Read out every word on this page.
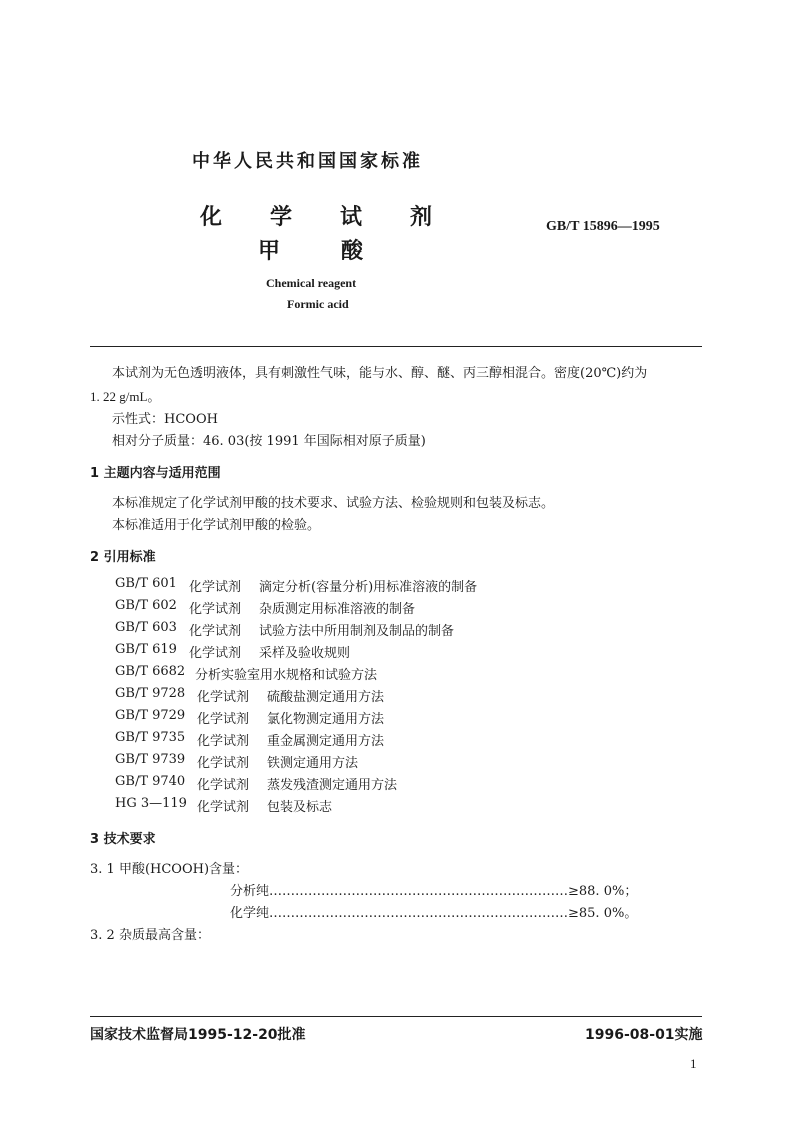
中华人民共和国国家标准
化 学 试 剂
甲	酸
GB/T 15896—1995
Chemical reagent
Formic acid
本试剂为无色透明液体，具有刺激性气味，能与水、醇、醚、丙三醇相混合。密度(20℃)约为
1. 22 g/mL。
示性式：HCOOH
相对分子质量：46. 03(按 1991 年国际相对原子质量)
1 主题内容与适用范围
本标准规定了化学试剂甲酸的技术要求、试验方法、检验规则和包装及标志。
本标准适用于化学试剂甲酸的检验。
2 引用标准
GB/T 601 化学试剂 滴定分析(容量分析)用标准溶液的制备
GB/T 602 化学试剂 杂质测定用标准溶液的制备
GB/T 603 化学试剂 试验方法中所用制剂及制品的制备
GB/T 619 化学试剂 采样及验收规则
GB/T 6682 分析实验室用水规格和试验方法
GB/T 9728 化学试剂 硫酸盐测定通用方法
GB/T 9729 化学试剂 氯化物测定通用方法
GB/T 9735 化学试剂 重金属测定通用方法
GB/T 9739 化学试剂 铁测定通用方法
GB/T 9740 化学试剂 蒸发残渣测定通用方法
HG 3—119 化学试剂 包装及标志
3 技术要求
3. 1 甲酸(HCOOH)含量：
分析纯……………………………………………………………≥88. 0%；
化学纯……………………………………………………………≥85. 0%。
3. 2 杂质最高含量：
国家技术监督局1995-12-20批准	1996-08-01实施
1
